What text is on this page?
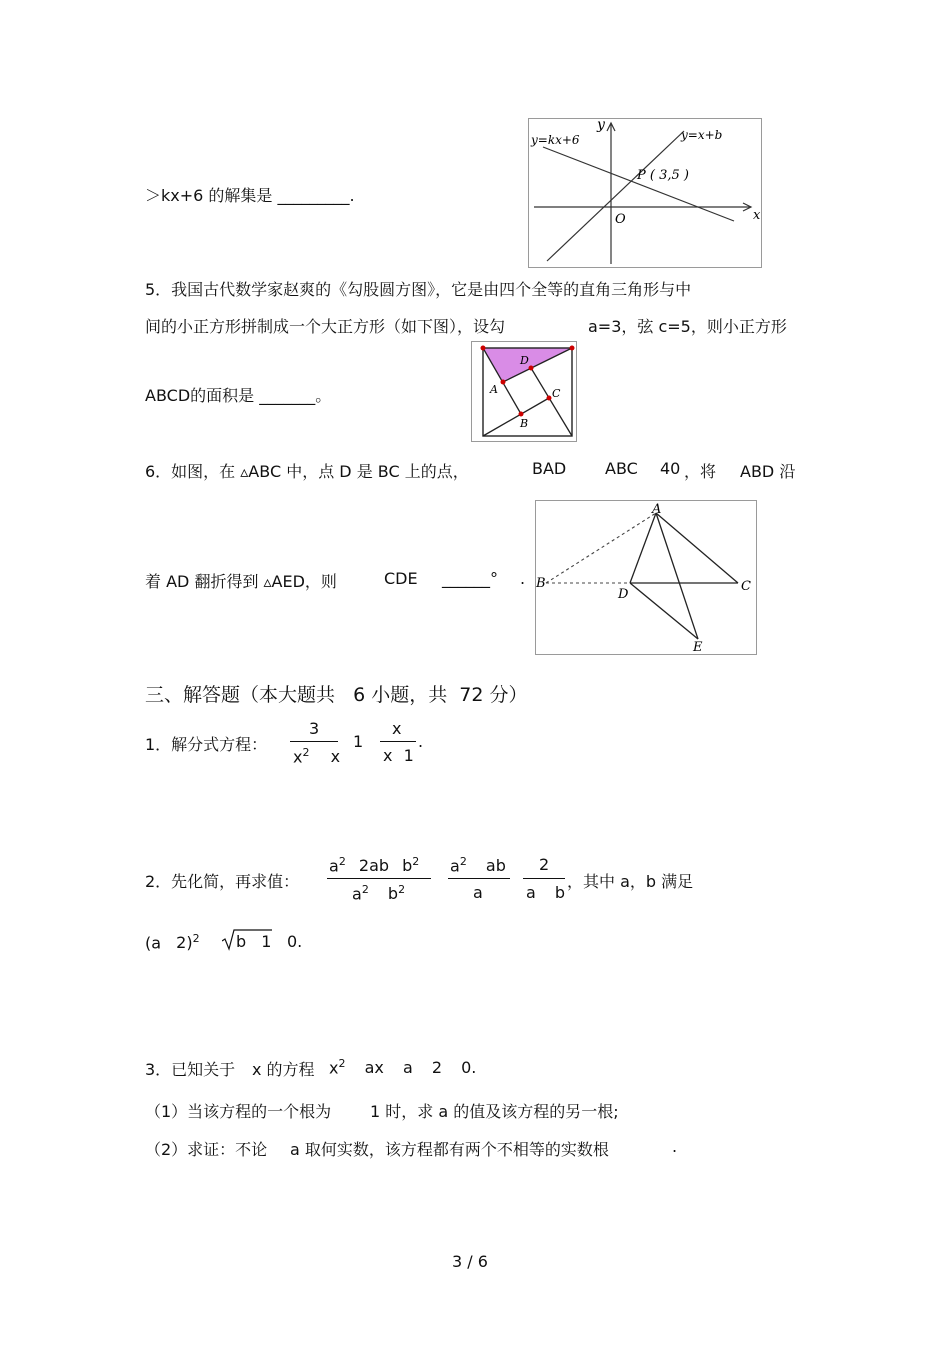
＞kx+6 的解集是 _________.
y
x
O
y=kx+6	y=x+b
P ( 3,5 )
5．我国古代数学家赵爽的《勾股圆方图》，它是由四个全等的直角三角形与中
间的小正方形拼制成一个大正方形（如下图），设勾	a=3，弦 c=5，则小正方形
ABCD的面积是 _______。
D
A	C
B
6．如图，在 ▵ABC 中，点 D 是 BC 上的点，	BAD ABC 40 ，将 ABD 沿
着 AD 翻折得到 ▵AED，则	CDE ______° .
A
B	C
D
E
三、解答题（本大题共 6 小题，共 72 分）
1．解分式方程：
3
$x^2$ x
1
x
x 1
.
2．先化简，再求值：
$a^2$ 2ab $b^2$
$a^2$ $b^2$
$a^2$ ab
a
2
a b
，其中 a，b 满足
(a 2)$^2$ b 1 0.
3．已知关于 x 的方程 $x^2$ ax a 2 0.
（1）当该方程的一个根为 1 时，求 a 的值及该方程的另一根;
（2）求证：不论 a 取何实数，该方程都有两个不相等的实数根	.
3 / 6
